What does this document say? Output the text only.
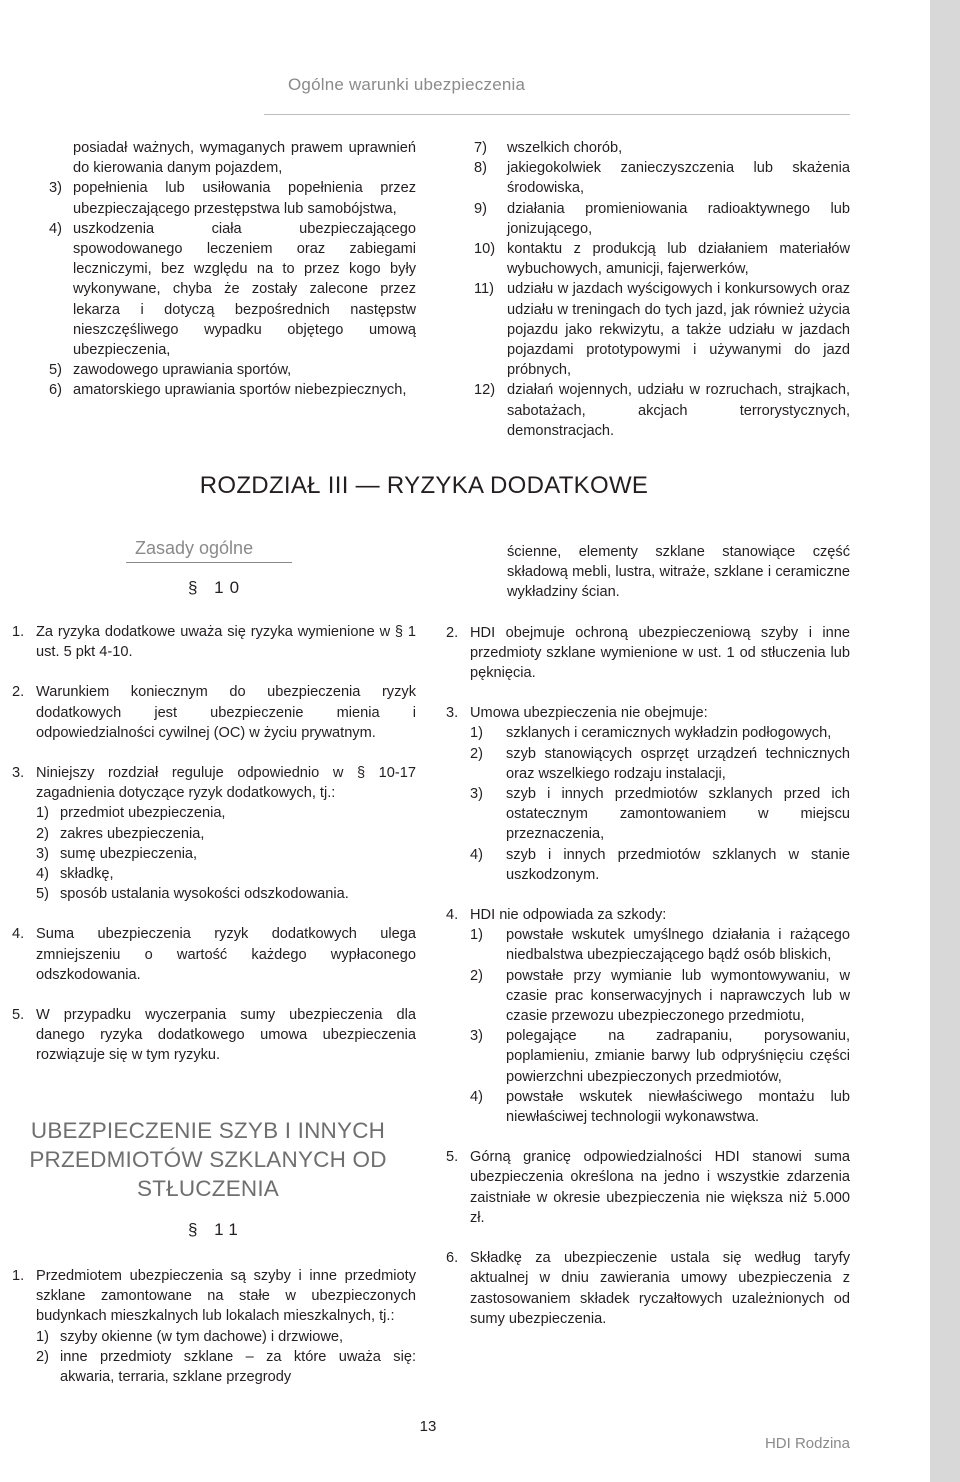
Ogólne warunki ubezpieczenia

posiadał ważnych, wymaganych prawem uprawnień do kierowania danym pojazdem,

3) popełnienia lub usiłowania popełnienia przez ubezpieczającego przestępstwa lub samobójstwa,
4) uszkodzenia ciała ubezpieczającego spowodowanego leczeniem oraz zabiegami leczniczymi, bez względu na to przez kogo były wykonywane, chyba że zostały zalecone przez lekarza i dotyczą bezpośrednich następstw nieszczęśliwego wypadku objętego umową ubezpieczenia,
5) zawodowego uprawiania sportów,
6) amatorskiego uprawiania sportów niebezpiecznych,
7)	wszelkich chorób,
8)	jakiegokolwiek zanieczyszczenia lub skażenia środowiska,
9)	działania promieniowania radioaktywnego lub jonizującego,
10) kontaktu z produkcją lub działaniem materiałów wybuchowych, amunicji, fajerwerków,
11) udziału w jazdach wyścigowych i konkursowych oraz udziału w treningach do tych jazd, jak również użycia pojazdu jako rekwizytu, a także udziału w jazdach pojazdami prototypowymi i używanymi do jazd próbnych,
12) działań wojennych, udziału w rozruchach, strajkach, sabotażach, akcjach terrorystycznych, demonstracjach.
ROZDZIAŁ III — RYZYKA DODATKOWE
Zasady ogólne
§ 10
1. Za ryzyka dodatkowe uważa się ryzyka wymienione w § 1 ust. 5 pkt 4-10.
2. Warunkiem koniecznym do ubezpieczenia ryzyk dodatkowych jest ubezpieczenie mienia i odpowiedzialności cywilnej (OC) w życiu prywatnym.
3. Niniejszy rozdział reguluje odpowiednio w § 10-17 zagadnienia dotyczące ryzyk dodatkowych, tj.:
1) przedmiot ubezpieczenia,
2) zakres ubezpieczenia,
3) sumę ubezpieczenia,
4) składkę,
5) sposób ustalania wysokości odszkodowania.
4. Suma ubezpieczenia ryzyk dodatkowych ulega zmniejszeniu o wartość każdego wypłaconego odszkodowania.
5. W przypadku wyczerpania sumy ubezpieczenia dla danego ryzyka dodatkowego umowa ubezpieczenia rozwiązuje się w tym ryzyku.
UBEZPIECZENIE SZYB I INNYCH
PRZEDMIOTÓW SZKLANYCH OD
STŁUCZENIA
§ 11
1. Przedmiotem ubezpieczenia są szyby i inne przedmioty szklane zamontowane na stałe w ubezpieczonych budynkach mieszkalnych lub lokalach mieszkalnych, tj.:
1) szyby okienne (w tym dachowe) i drzwiowe,
2) inne przedmioty szklane – za które uważa się: akwaria, terraria, szklane przegrody

ścienne, elementy szklane stanowiące część składową mebli, lustra, witraże, szklane i ceramiczne wykładziny ścian.

2. HDI obejmuje ochroną ubezpieczeniową szyby i inne przedmioty szklane wymienione w ust. 1 od stłuczenia lub pęknięcia.
3. Umowa ubezpieczenia nie obejmuje:
1)	szklanych i ceramicznych wykładzin podłogowych,
2)	szyb stanowiących osprzęt urządzeń technicznych oraz wszelkiego rodzaju instalacji,
3)	szyb i innych przedmiotów szklanych przed ich ostatecznym zamontowaniem w miejscu przeznaczenia,
4)	szyb i innych przedmiotów szklanych w stanie uszkodzonym.
4. HDI nie odpowiada za szkody:
1)	powstałe wskutek umyślnego działania i rażącego niedbalstwa ubezpieczającego bądź osób bliskich,
2)	powstałe przy wymianie lub wymontowywaniu, w czasie prac konserwacyjnych i naprawczych lub w czasie przewozu ubezpieczonego przedmiotu,
3)	polegające na zadrapaniu, porysowaniu, poplamieniu, zmianie barwy lub odpryśnięciu części powierzchni ubezpieczonych przedmiotów,
4)	powstałe wskutek niewłaściwego montażu lub niewłaściwej technologii wykonawstwa.
5. Górną granicę odpowiedzialności HDI stanowi suma ubezpieczenia określona na jedno i wszystkie zdarzenia zaistniałe w okresie ubezpieczenia nie większa niż 5.000 zł.
6. Składkę za ubezpieczenie ustala się według taryfy aktualnej w dniu zawierania umowy ubezpieczenia z zastosowaniem składek ryczałtowych uzależnionych od sumy ubezpieczenia.
13
HDI Rodzina
